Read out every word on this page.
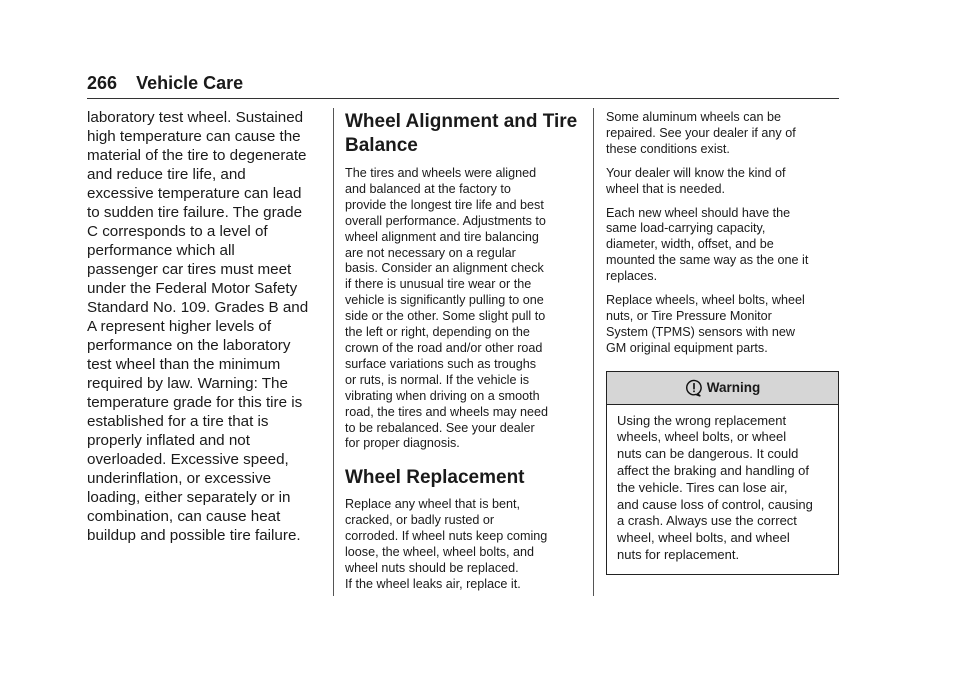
266 Vehicle Care

laboratory test wheel. Sustained
high temperature can cause the
material of the tire to degenerate
and reduce tire life, and
excessive temperature can lead
to sudden tire failure. The grade
C corresponds to a level of
performance which all
passenger car tires must meet
under the Federal Motor Safety
Standard No. 109. Grades B and
A represent higher levels of
performance on the laboratory
test wheel than the minimum
required by law. Warning: The
temperature grade for this tire is
established for a tire that is
properly inflated and not
overloaded. Excessive speed,
underinflation, or excessive
loading, either separately or in
combination, can cause heat
buildup and possible tire failure.

Wheel Alignment and Tire
Balance

The tires and wheels were aligned
and balanced at the factory to
provide the longest tire life and best
overall performance. Adjustments to
wheel alignment and tire balancing
are not necessary on a regular
basis. Consider an alignment check
if there is unusual tire wear or the
vehicle is significantly pulling to one
side or the other. Some slight pull to
the left or right, depending on the
crown of the road and/or other road
surface variations such as troughs
or ruts, is normal. If the vehicle is
vibrating when driving on a smooth
road, the tires and wheels may need
to be rebalanced. See your dealer
for proper diagnosis.

Wheel Replacement

Replace any wheel that is bent,
cracked, or badly rusted or
corroded. If wheel nuts keep coming
loose, the wheel, wheel bolts, and
wheel nuts should be replaced.
If the wheel leaks air, replace it.

Some aluminum wheels can be
repaired. See your dealer if any of
these conditions exist.

Your dealer will know the kind of
wheel that is needed.

Each new wheel should have the
same load-carrying capacity,
diameter, width, offset, and be
mounted the same way as the one it
replaces.

Replace wheels, wheel bolts, wheel
nuts, or Tire Pressure Monitor
System (TPMS) sensors with new
GM original equipment parts.

Warning
Using the wrong replacement
wheels, wheel bolts, or wheel
nuts can be dangerous. It could
affect the braking and handling of
the vehicle. Tires can lose air,
and cause loss of control, causing
a crash. Always use the correct
wheel, wheel bolts, and wheel
nuts for replacement.
